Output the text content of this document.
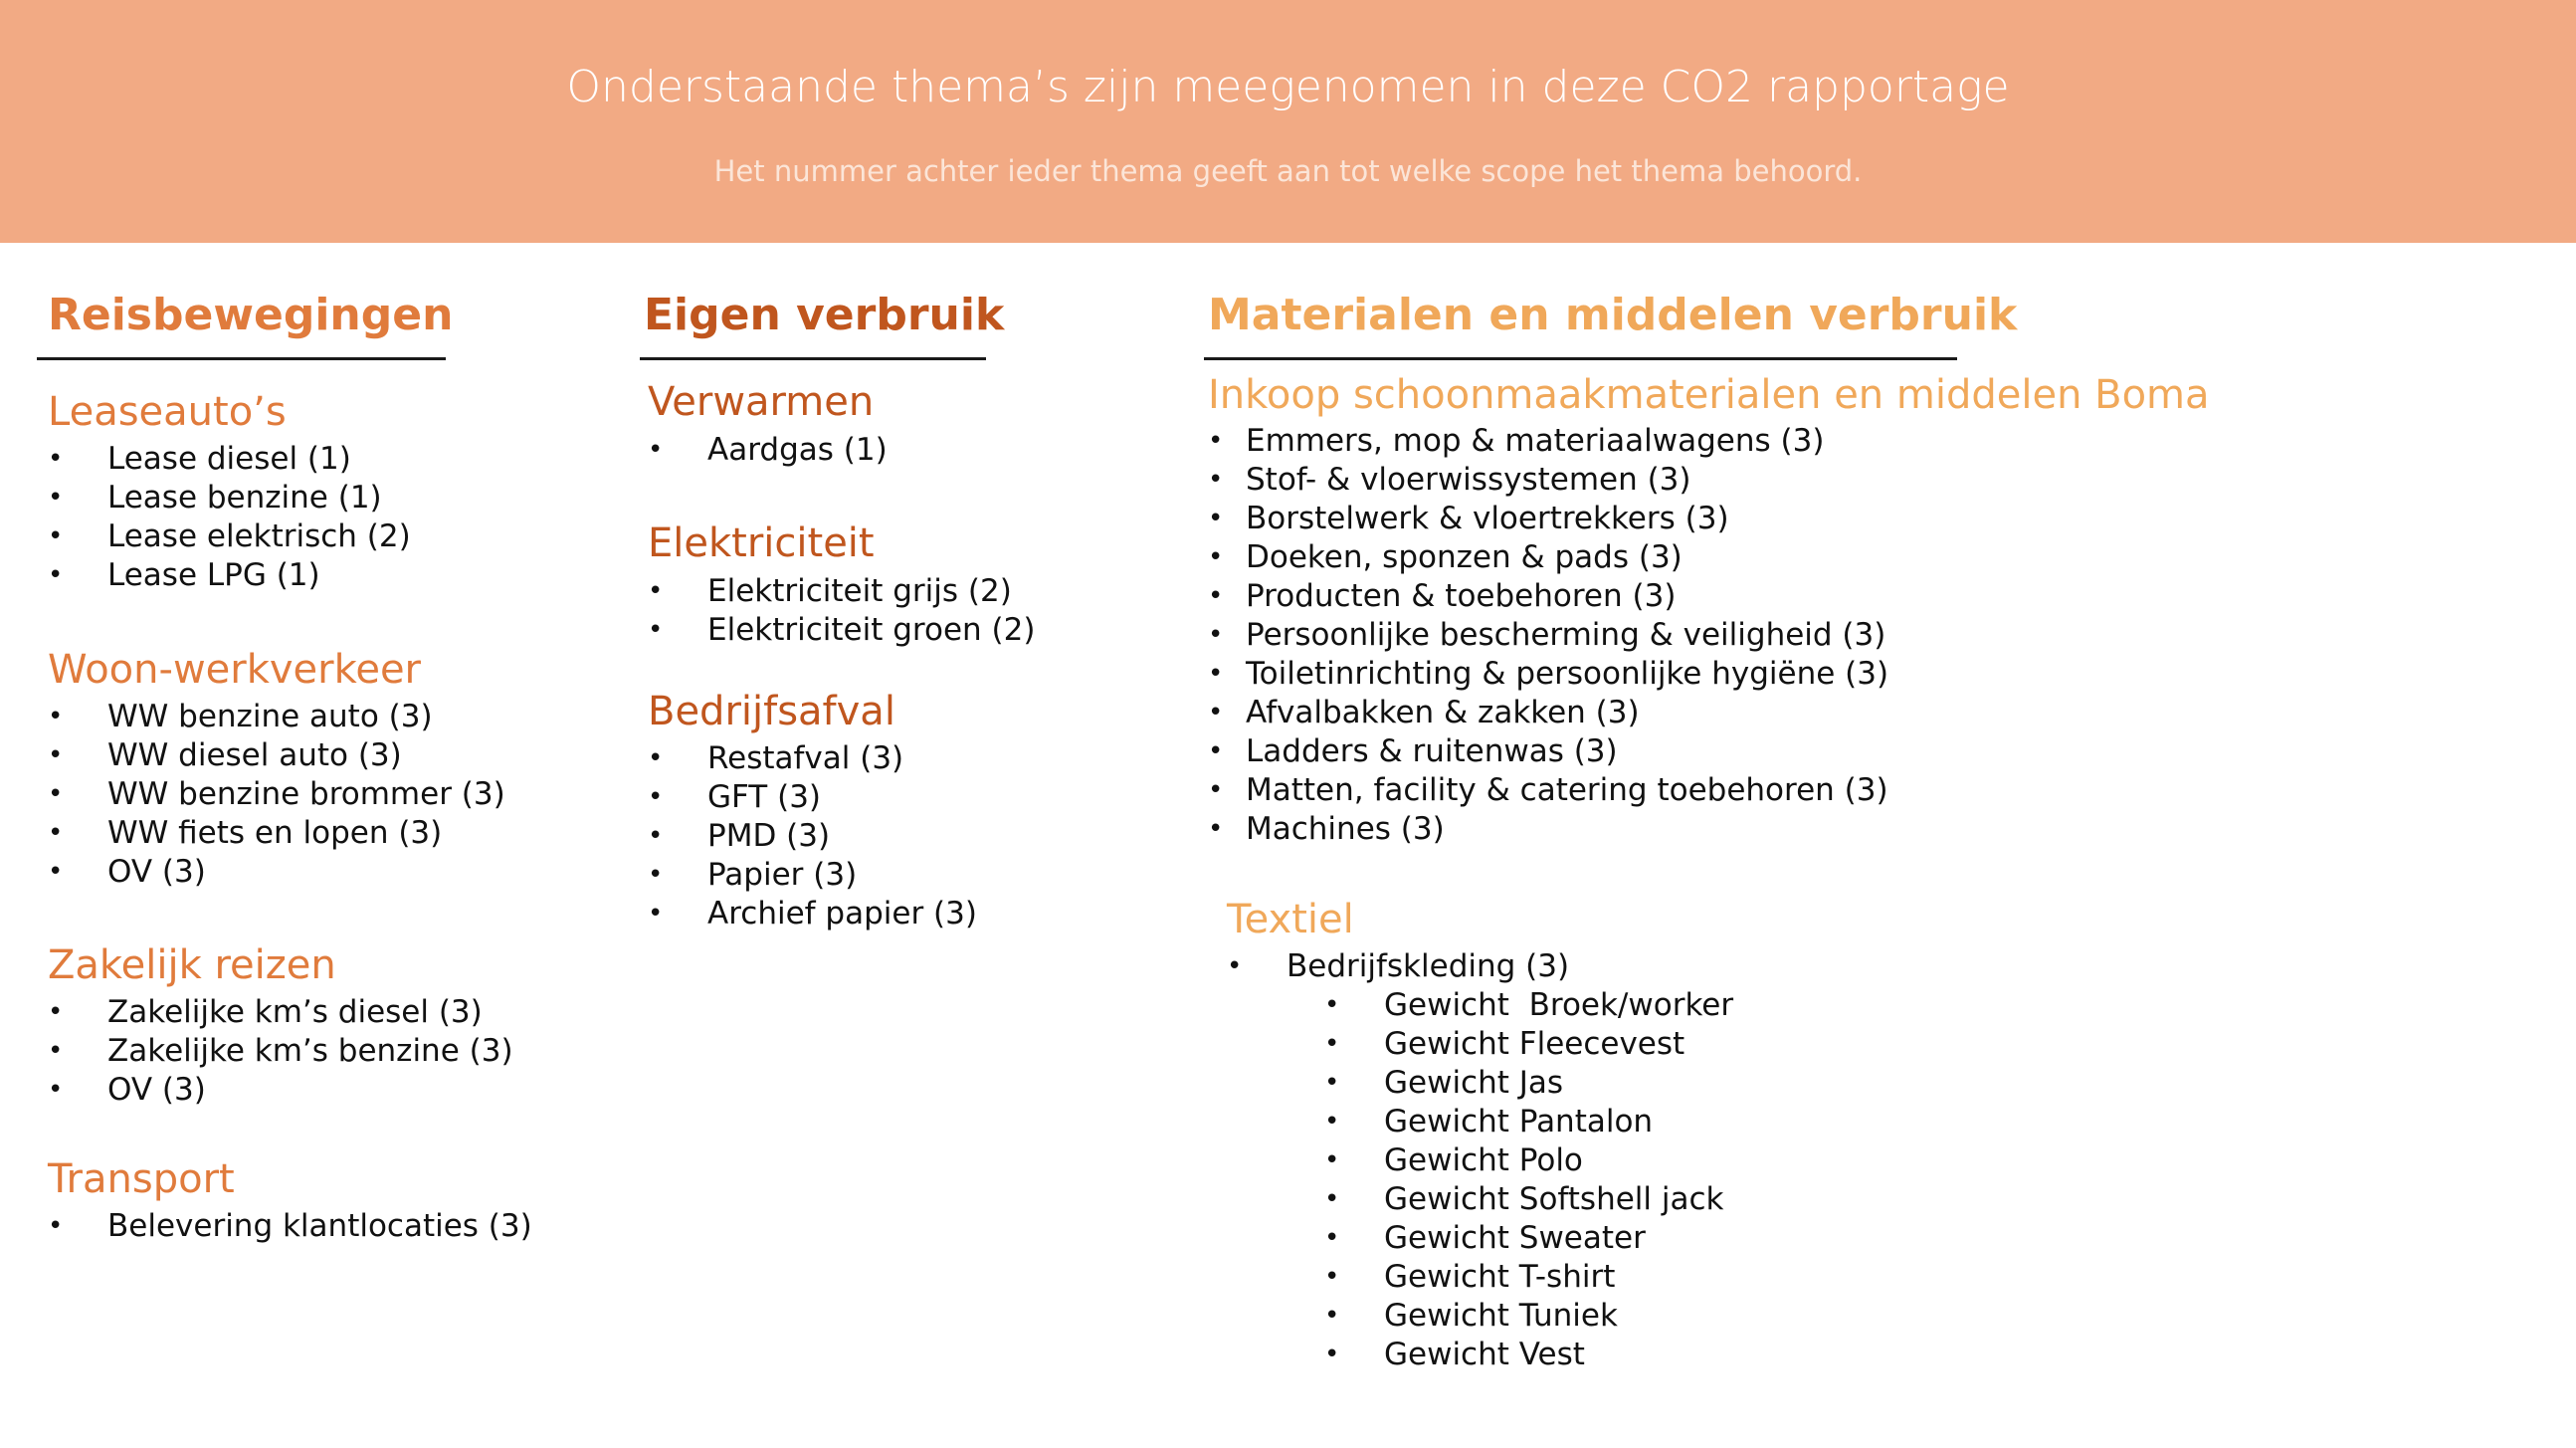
Onderstaande thema’s zijn meegenomen in deze CO2 rapportage
Het nummer achter ieder thema geeft aan tot welke scope het thema behoord.
Reisbewegingen
Leaseauto’s
• Lease diesel (1)
• Lease benzine (1)
• Lease elektrisch (2)
• Lease LPG (1)
Woon-werkverkeer
• WW benzine auto (3)
• WW diesel auto (3)
• WW benzine brommer (3)
• WW fiets en lopen (3)
• OV (3)
Zakelijk reizen
• Zakelijke km’s diesel (3)
• Zakelijke km’s benzine (3)
• OV (3)
Transport
• Belevering klantlocaties (3)
Eigen verbruik
Verwarmen
• Aardgas (1)
Elektriciteit
• Elektriciteit grijs (2)
• Elektriciteit groen (2)
Bedrijfsafval
• Restafval (3)
• GFT (3)
• PMD (3)
• Papier (3)
• Archief papier (3)
Materialen en middelen verbruik
Inkoop schoonmaakmaterialen en middelen Boma
• Emmers, mop & materiaalwagens (3)
• Stof- & vloerwissystemen (3)
• Borstelwerk & vloertrekkers (3)
• Doeken, sponzen & pads (3)
• Producten & toebehoren (3)
• Persoonlijke bescherming & veiligheid (3)
• Toiletinrichting & persoonlijke hygiëne (3)
• Afvalbakken & zakken (3)
• Ladders & ruitenwas (3)
• Matten, facility & catering toebehoren (3)
• Machines (3)
Textiel
• Bedrijfskleding (3)
• Gewicht  Broek/worker
• Gewicht Fleecevest
• Gewicht Jas
• Gewicht Pantalon
• Gewicht Polo
• Gewicht Softshell jack
• Gewicht Sweater
• Gewicht T-shirt
• Gewicht Tuniek
• Gewicht Vest
